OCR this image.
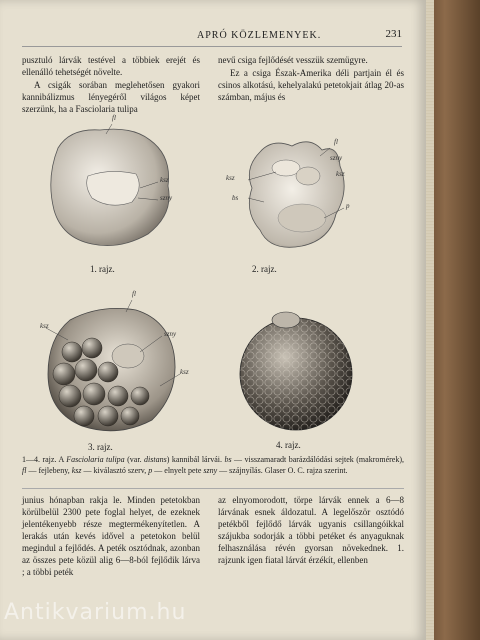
APRÓ KÖZLEMENYEK.	231

pusztuló lárvák testével a többiek erejét és ellenálló tehetségét növelte.

A csigák sorában meglehetősen gyakori kannibálizmus lényegéről világos képet szerzünk, ha a Fasciolaria tulipa

nevű csiga fejlődését vesszük szemügyre.

Ez a csiga Észak-Amerika déli partjain él és csinos alkotású, kehelyalakú petetokjait átlag 20-as számban, május és

fl
ksz
szny
1. rajz.
fl
szny
ksz	ksz
bs
p
2. rajz.
fl
ksz
szny
ksz
3. rajz.	4. rajz.
1—4. rajz. A Fasciolaria tulipa (var. distans) kannibál lárvái. bs — visszamaradt barázdálódási sejtek (makromérek), fl — fejlebeny, ksz — kiválasztó szerv, p — elnyelt pete szny — szájnyílás. Glaser O. C. rajza szerint.

junius hónapban rakja le. Minden petetokban körülbelül 2300 pete foglal helyet, de ezeknek jelentékenyebb része megtermékenyítetlen. A lerakás után kevés idővel a petetokon belül megindul a fejlődés. A peték osztódnak, azonban az összes pete közül alig 6—8-ból fejlődik lárva ; a többi peték

az elnyomorodott, törpe lárvák ennek a 6—8 lárvának esnek áldozatul. A legelőször osztódó petékből fejlődő lárvák ugyanis csillangóikkal szájukba sodorják a többi petéket és anyaguknak felhasználása révén gyorsan növekednek. 1. rajzunk igen fiatal lárvát érzékít, ellenben

Antikvarium.hu
